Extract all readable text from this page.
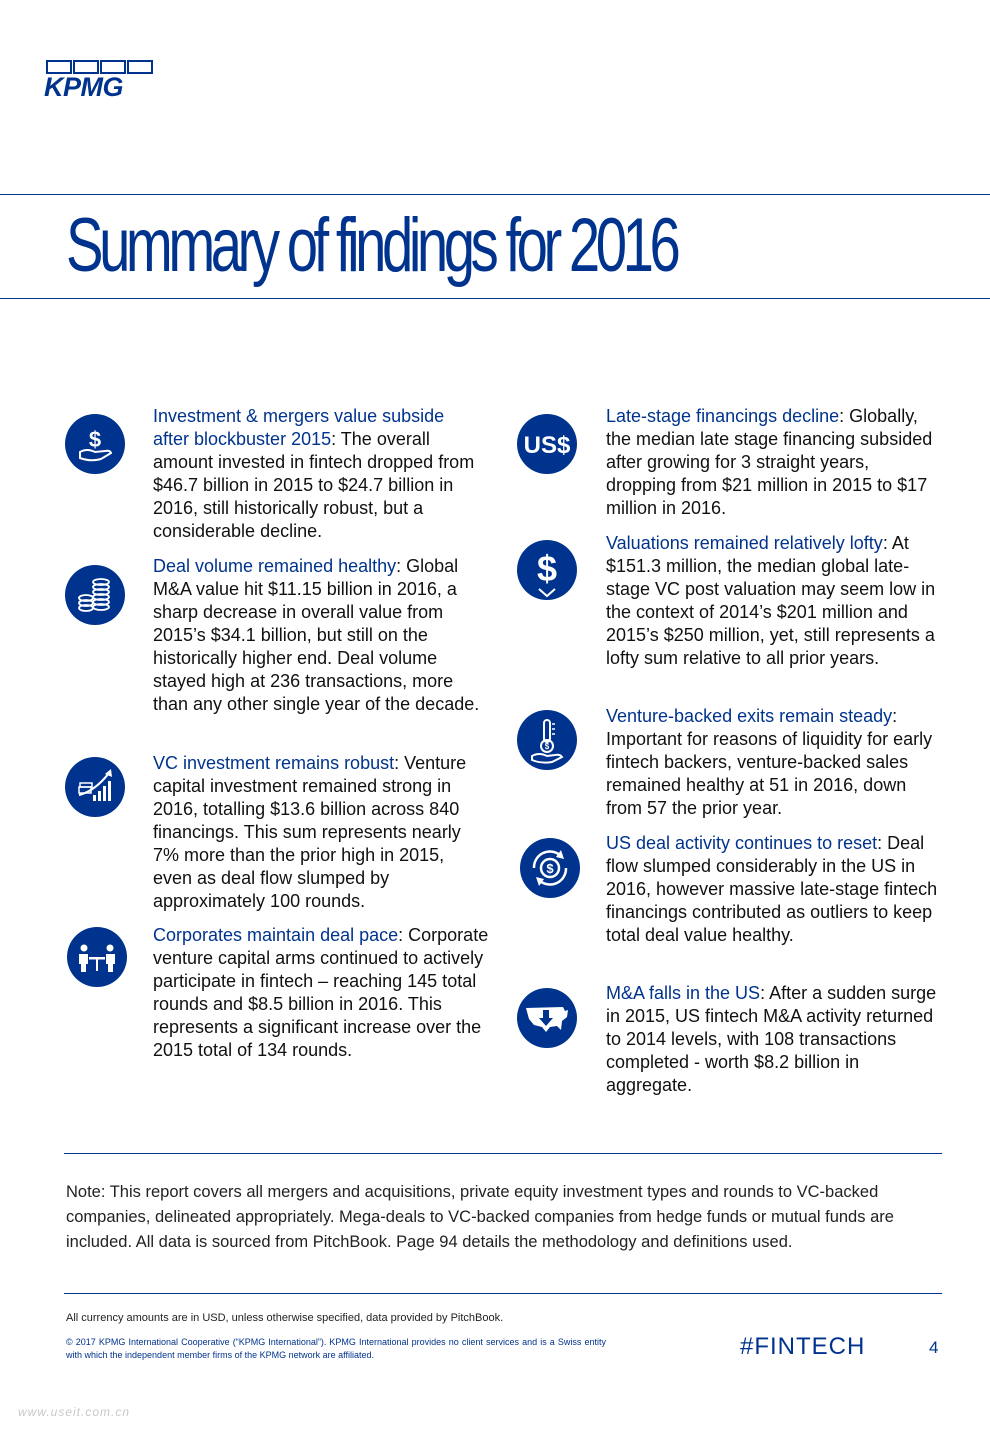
KPMG
Summary of findings for 2016
$

Investment & mergers value subside after blockbuster 2015: The overall amount invested in fintech dropped from $46.7 billion in 2015 to $24.7 billion in 2016, still historically robust, but a considerable decline.

Deal volume remained healthy: Global M&A value hit $11.15 billion in 2016, a sharp decrease in overall value from 2015’s $34.1 billion, but still on the historically higher end. Deal volume stayed high at 236 transactions, more than any other single year of the decade.

VC investment remains robust: Venture capital investment remained strong in 2016, totalling $13.6 billion across 840 financings. This sum represents nearly 7% more than the prior high in 2015, even as deal flow slumped by approximately 100 rounds.

Corporates maintain deal pace: Corporate venture capital arms continued to actively participate in fintech – reaching 145 total rounds and $8.5 billion in 2016. This represents a significant increase over the 2015 total of 134 rounds.

US$

Late-stage financings decline: Globally, the median late stage financing subsided after growing for 3 straight years, dropping from $21 million in 2015 to $17 million in 2016.

$

Valuations remained relatively lofty: At $151.3 million, the median global late-stage VC post valuation may seem low in the context of 2014’s $201 million and 2015’s $250 million, yet, still represents a lofty sum relative to all prior years.

$

Venture-backed exits remain steady: Important for reasons of liquidity for early fintech backers, venture-backed sales remained healthy at 51 in 2016, down from 57 the prior year.

$

US deal activity continues to reset: Deal flow slumped considerably in the US in 2016, however massive late-stage fintech financings contributed as outliers to keep total deal value healthy.

M&A falls in the US: After a sudden surge in 2015, US fintech M&A activity returned to 2014 levels, with 108 transactions completed - worth $8.2 billion in aggregate.

Note: This report covers all mergers and acquisitions, private equity investment types and rounds to VC-backed companies, delineated appropriately. Mega-deals to VC-backed companies from hedge funds or mutual funds are included. All data is sourced from PitchBook. Page 94 details the methodology and definitions used.

All currency amounts are in USD, unless otherwise specified, data provided by PitchBook.

© 2017 KPMG International Cooperative (“KPMG International”). KPMG International provides no client services and is a Swiss entity with which the independent member firms of the KPMG network are affiliated.	#FINTECH	4
www.useit.com.cn
